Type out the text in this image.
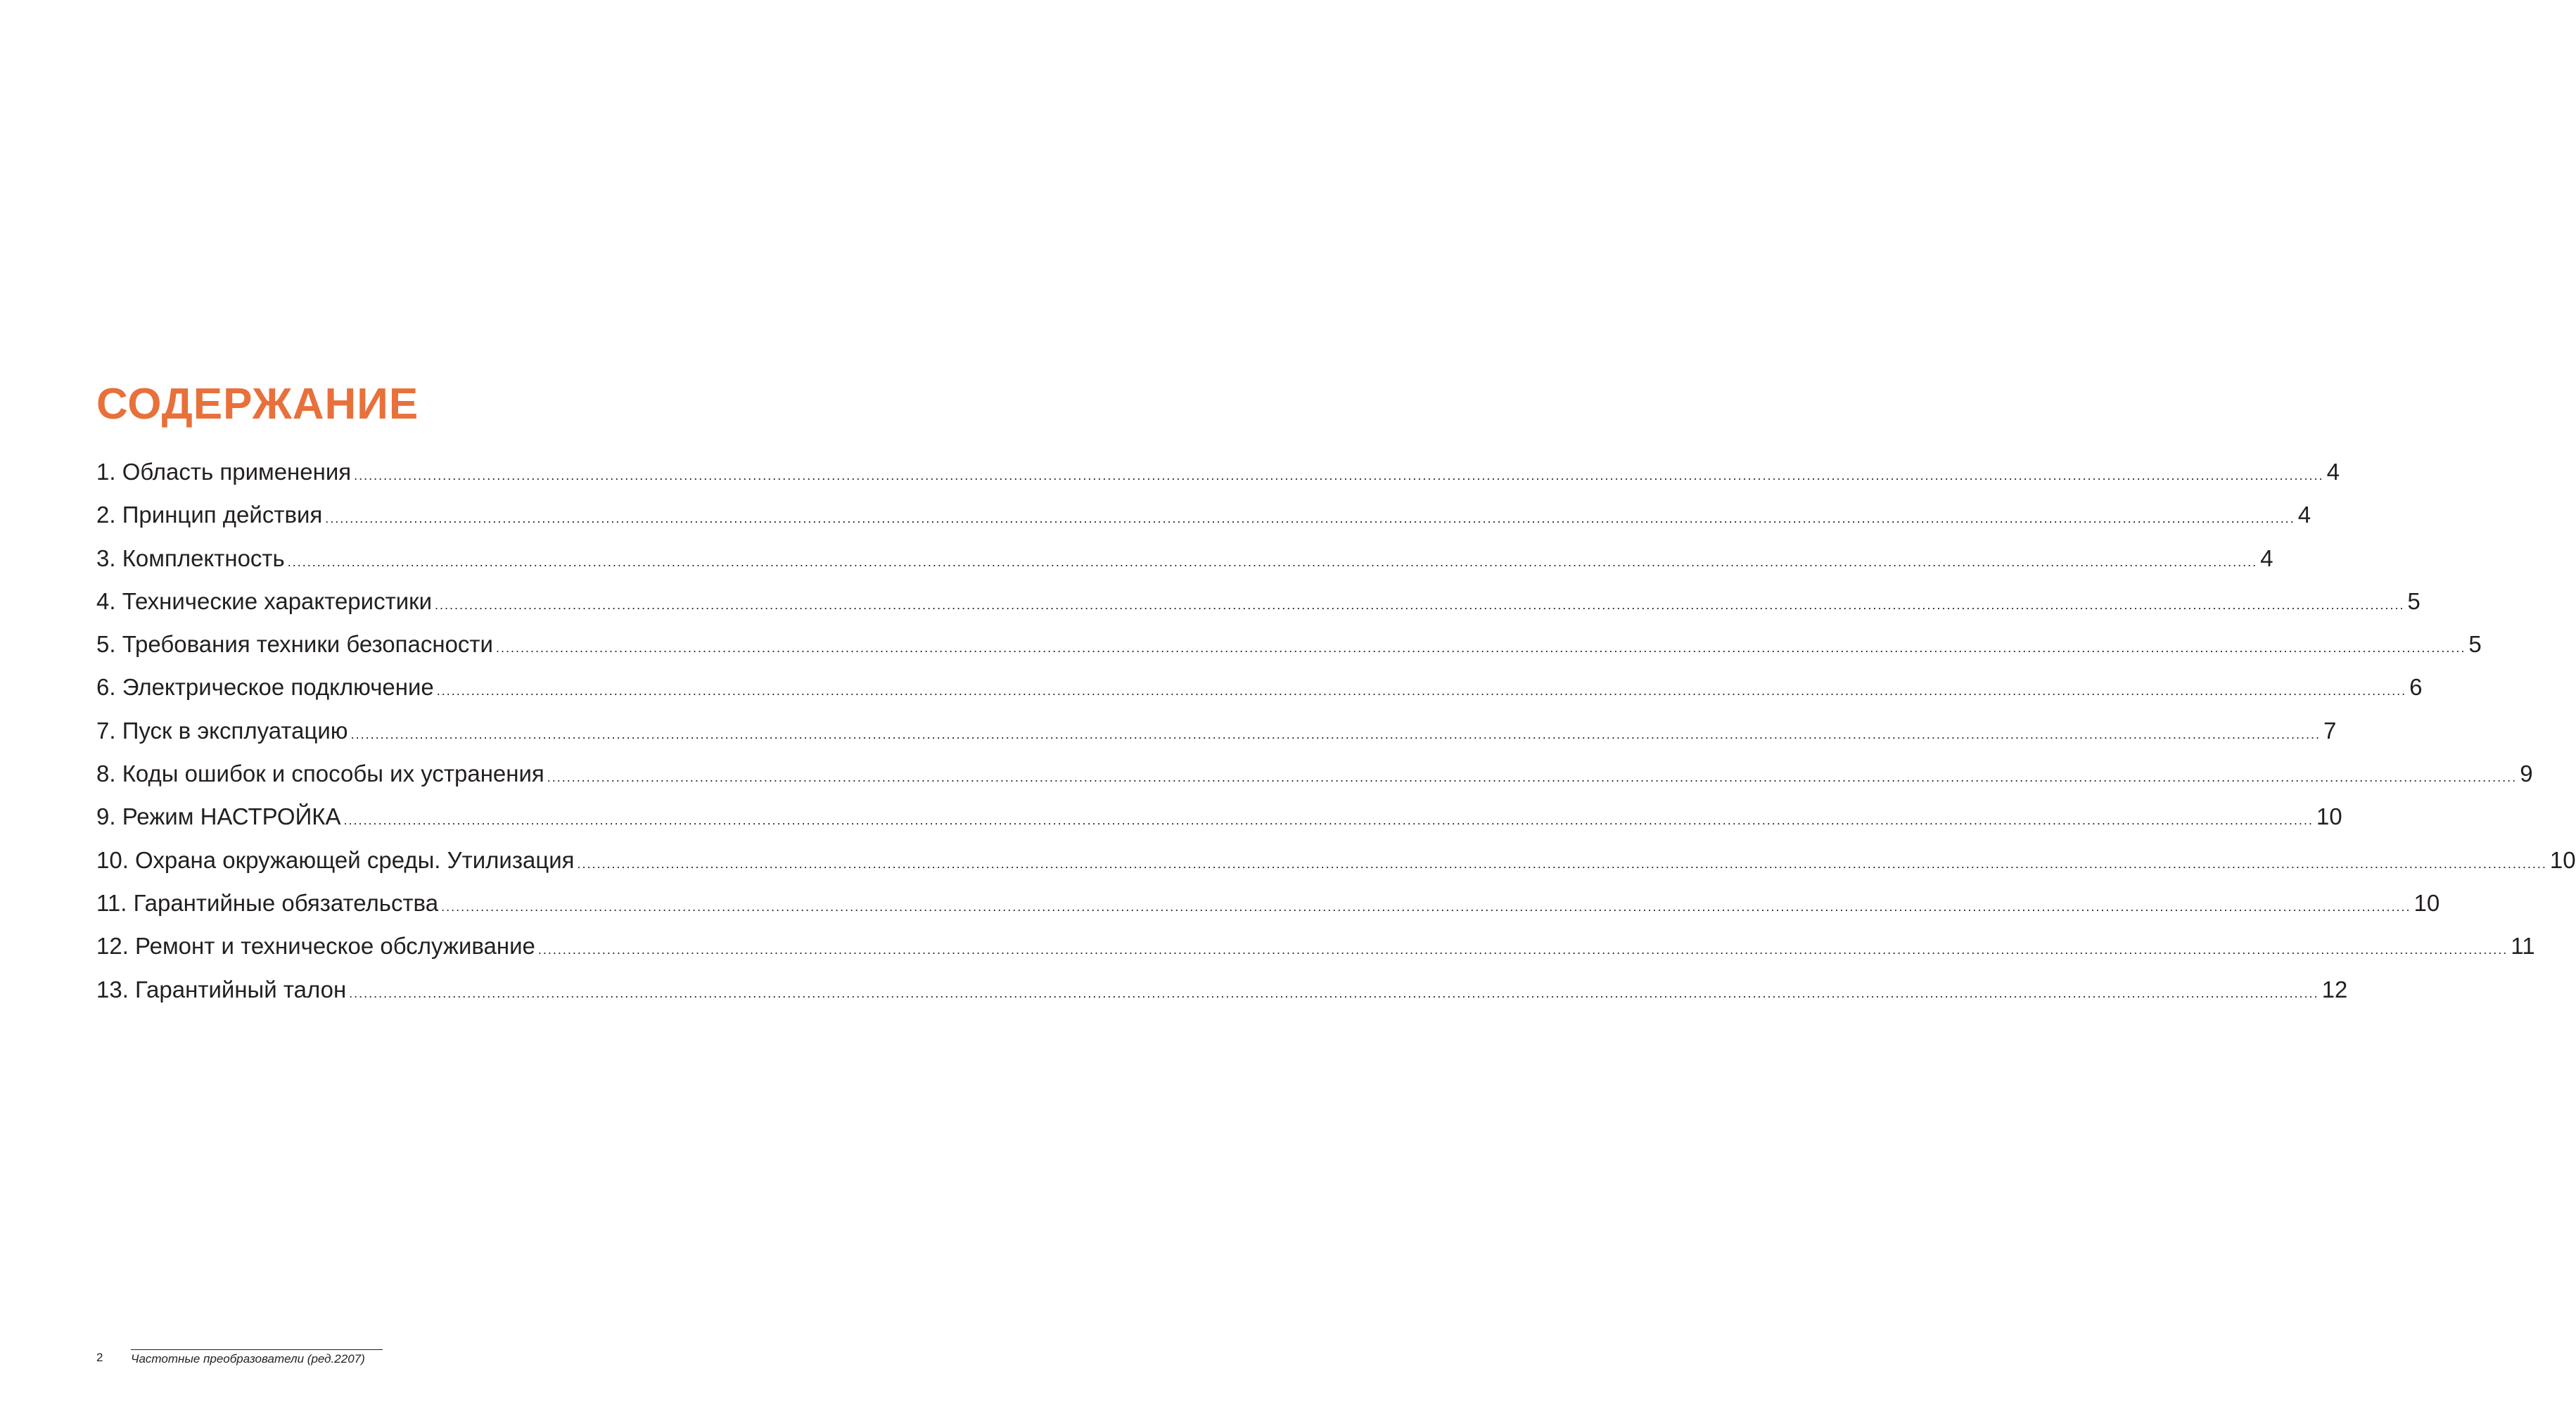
СОДЕРЖАНИЕ
1. Область применения ................................................................................................................................................................................................................................................................................................................................................................................................................ 4
2. Принцип действия ................................................................................................................................................................................................................................................................................................................................................................................................................ 4
3. Комплектность ................................................................................................................................................................................................................................................................................................................................................................................................................ 4
4. Технические характеристики ................................................................................................................................................................................................................................................................................................................................................................................................................ 5
5. Требования техники безопасности ................................................................................................................................................................................................................................................................................................................................................................................................................ 5
6. Электрическое подключение ................................................................................................................................................................................................................................................................................................................................................................................................................ 6
7. Пуск в эксплуатацию ................................................................................................................................................................................................................................................................................................................................................................................................................ 7
8. Коды ошибок и способы их устранения ................................................................................................................................................................................................................................................................................................................................................................................................................ 9
9. Режим НАСТРОЙКА ................................................................................................................................................................................................................................................................................................................................................................................................................ 10
10. Охрана окружающей среды. Утилизация ................................................................................................................................................................................................................................................................................................................................................................................................................ 10
11. Гарантийные обязательства ................................................................................................................................................................................................................................................................................................................................................................................................................ 10
12. Ремонт и техническое обслуживание ................................................................................................................................................................................................................................................................................................................................................................................................................ 11
13. Гарантийный талон ................................................................................................................................................................................................................................................................................................................................................................................................................ 12
2 Частотные преобразователи (ред.2207)
